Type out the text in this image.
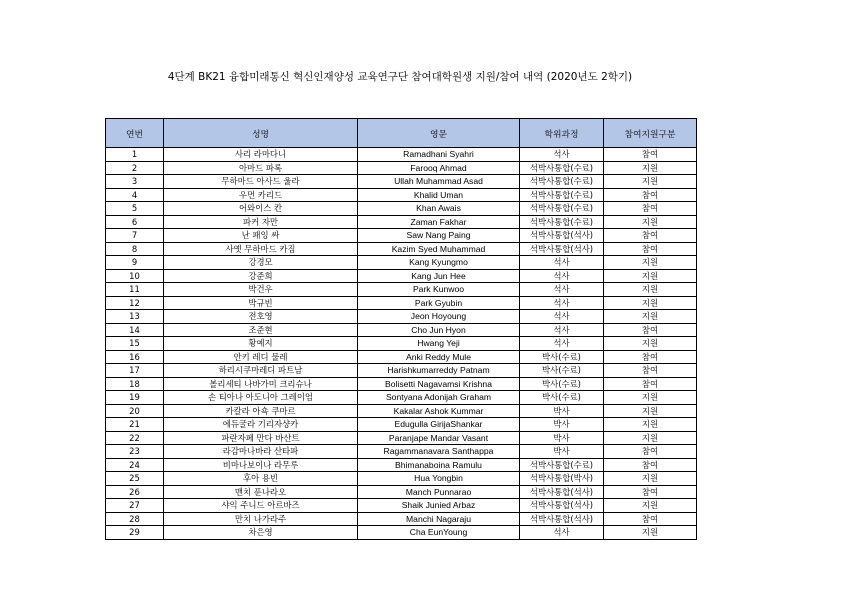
4단계 BK21 융합미래통신 혁신인재양성 교육연구단 참여대학원생 지원/참여 내역 (2020년도 2학기)
연번	성명	영문	학위과정	참여지원구분
1	사리 라마다니	Ramadhani Syahri	석사	참여
2	아마드 파록	Farooq Ahmad	석박사통합(수료)	지원
3	무하마드 아사드 울라	Ullah Muhammad Asad	석박사통합(수료)	지원
4	우먼 카리드	Khalid Uman	석박사통합(수료)	참여
5	어와이스 칸	Khan Awais	석박사통합(수료)	참여
6	파커 자만	Zaman Fakhar	석박사통합(수료)	지원
7	난 패잉 싸	Saw Nang Paing	석박사통합(석사)	참여
8	사옛 무하마드 카짐	Kazim Syed Muhammad	석박사통합(석사)	참여
9	강경모	Kang Kyungmo	석사	지원
10	강준희	Kang Jun Hee	석사	지원
11	박건우	Park Kunwoo	석사	지원
12	박규빈	Park Gyubin	석사	지원
13	전호영	Jeon Hoyoung	석사	지원
14	조준현	Cho Jun Hyon	석사	참여
15	황예지	Hwang Yeji	석사	지원
16	안키 레디 물레	Anki Reddy Mule	박사(수료)	참여
17	하리시쿠마레디 파트남	Harishkumarreddy Patnam	박사(수료)	참여
18	볼리세티 나바가미 크리슈나	Bolisetti Nagavamsi Krishna	박사(수료)	참여
19	손 티아나 아도니아 그레이엄	Sontyana Adonijah Graham	박사(수료)	지원
20	카칼라 아쇽 쿠마르	Kakalar Ashok Kummar	박사	지원
21	에듀굴라 기리자샹카	Edugulla GirijaShankar	박사	지원
22	파란자페 만다 바산트	Paranjape Mandar Vasant	박사	지원
23	라감마나바라 산타파	Ragammanavara Santhappa	박사	참여
24	비마나보이나 라무루	Bhimanaboina Ramulu	석박사통합(수료)	참여
25	후아 용빈	Hua Yongbin	석박사통합(박사)	지원
26	맨치 푼나라오	Manch Punnarao	석박사통합(석사)	참여
27	샤익 주니드 아르바즈	Shaik Junied Arbaz	석박사통합(석사)	지원
28	만치 나가라주	Manchi Nagaraju	석박사통합(석사)	참여
29	차은영	Cha EunYoung	석사	지원
